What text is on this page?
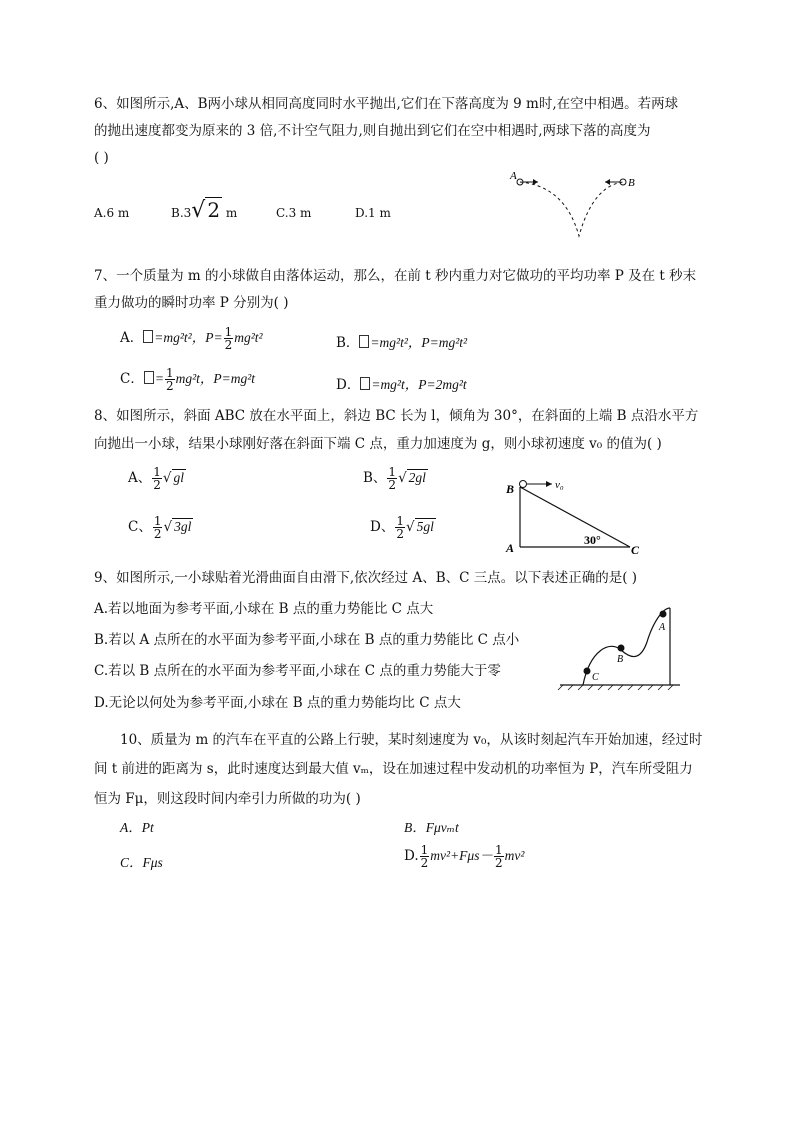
6、如图所示,A、B两小球从相同高度同时水平抛出,它们在下落高度为 9 m时,在空中相遇。若两球
的抛出速度都变为原来的 3 倍,不计空气阻力,则自抛出到它们在空中相遇时,两球下落的高度为
( )
A.6 m	B.3√ 2 m	C.3 m	D.1 m
A
B
7、一个质量为 m 的小球做自由落体运动，那么，在前 t 秒内重力对它做功的平均功率 P 及在 t 秒末
重力做功的瞬时功率 P 分别为( )
A． =mg²t²，$P= \frac{1}{2} mg^2t^2$	B． =mg²t²，P=mg²t²
C． = $\frac{1}{2} mg^2t$，P=mg²t	D． =mg²t，P=2mg²t
8、如图所示，斜面 ABC 放在水平面上，斜边 BC 长为 l，倾角为 30°，在斜面的上端 B 点沿水平方
向抛出一小球，结果小球刚好落在斜面下端 C 点，重力加速度为 g，则小球初速度 v₀ 的值为( )
A、 $\frac{1}{2}$ √ gl	B、 $\frac{1}{2}$ √ 2gl
C、 $\frac{1}{2}$ √ 3gl	D、 $\frac{1}{2}$ √ 5gl
v₀
B
A	C
30°
9、如图所示,一小球贴着光滑曲面自由滑下,依次经过 A、B、C 三点。以下表述正确的是( )
A.若以地面为参考平面,小球在 B 点的重力势能比 C 点大
B.若以 A 点所在的水平面为参考平面,小球在 B 点的重力势能比 C 点小
C.若以 B 点所在的水平面为参考平面,小球在 C 点的重力势能大于零
D.无论以何处为参考平面,小球在 B 点的重力势能均比 C 点大
A
B
C
10、质量为 m 的汽车在平直的公路上行驶，某时刻速度为 v₀，从该时刻起汽车开始加速，经过时
间 t 前进的距离为 s，此时速度达到最大值 vₘ，设在加速过程中发动机的功率恒为 P，汽车所受阻力
恒为 Fμ，则这段时间内牵引力所做的功为( )
A．Pt	B．Fμvₘt
C．Fμs	D. $\frac{1}{2} mv^2+F\mu s- \frac{1}{2} mv^2$
